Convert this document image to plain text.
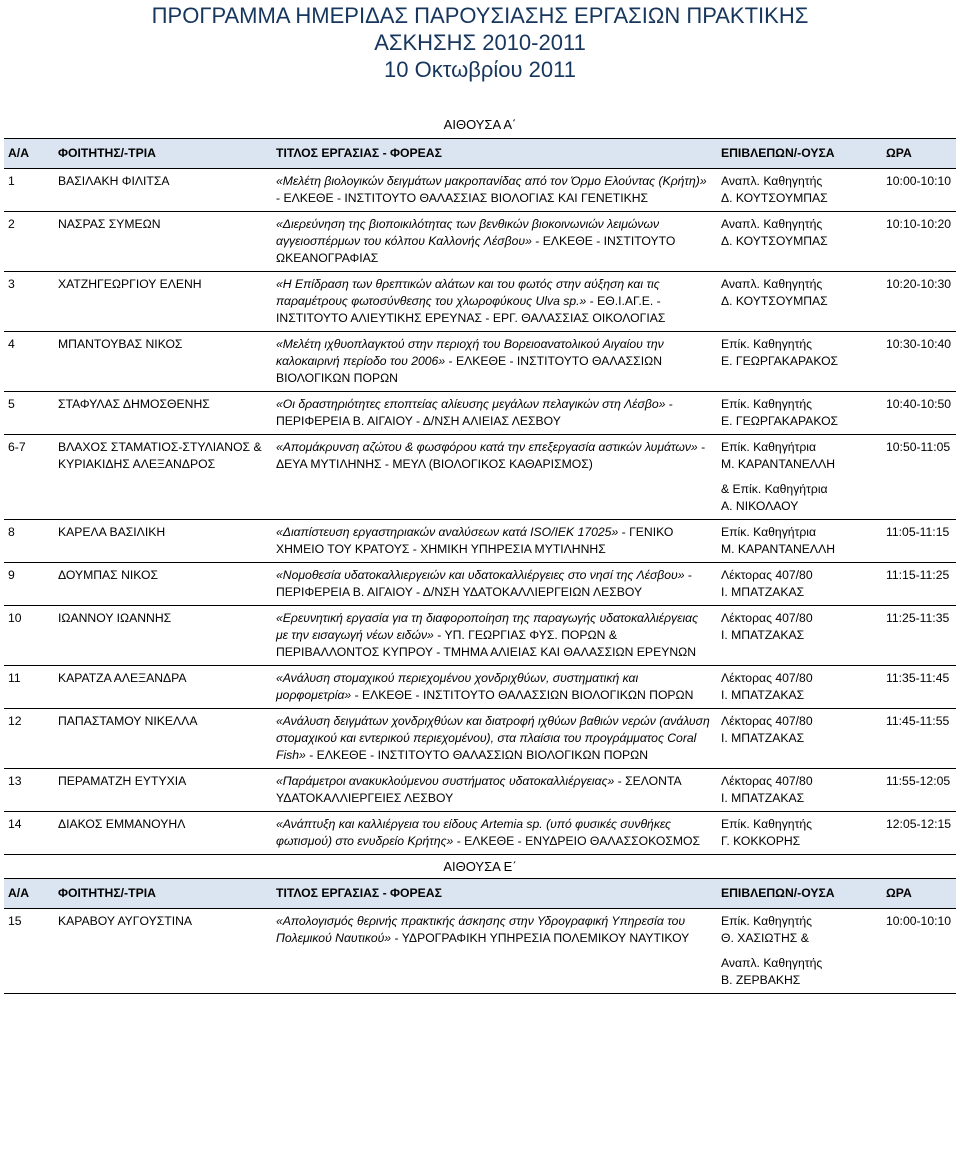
ΠΡΟΓΡΑΜΜΑ ΗΜΕΡΙΔΑΣ ΠΑΡΟΥΣΙΑΣΗΣ ΕΡΓΑΣΙΩΝ ΠΡΑΚΤΙΚΗΣ
ΑΣΚΗΣΗΣ 2010-2011
10 Οκτωβρίου 2011
ΑΙΘΟΥΣΑ Α΄
Α/Α	ΦΟΙΤΗΤΗΣ/-ΤΡΙΑ	ΤΙΤΛΟΣ ΕΡΓΑΣΙΑΣ - ΦΟΡΕΑΣ	ΕΠΙΒΛΕΠΩΝ/-ΟΥΣΑ	ΩΡΑ
1	ΒΑΣΙΛΑΚΗ ΦΙΛΙΤΣΑ	«Μελέτη βιολογικών δειγμάτων μακροπανίδας από τον Όρμο Ελούντας (Κρήτη)» - ΕΛΚΕΘΕ - ΙΝΣΤΙΤΟΥΤΟ ΘΑΛΑΣΣΙΑΣ ΒΙΟΛΟΓΙΑΣ ΚΑΙ ΓΕΝΕΤΙΚΗΣ	Αναπλ. Καθηγητής
Δ. ΚΟΥΤΣΟΥΜΠΑΣ	10:00-10:10
2	ΝΑΣΡΑΣ ΣΥΜΕΩΝ	«Διερεύνηση της βιοποικιλότητας των βενθικών βιοκοινωνιών λειμώνων αγγειοσπέρμων του κόλπου Καλλονής Λέσβου» - ΕΛΚΕΘΕ - ΙΝΣΤΙΤΟΥΤΟ ΩΚΕΑΝΟΓΡΑΦΙΑΣ	Αναπλ. Καθηγητής
Δ. ΚΟΥΤΣΟΥΜΠΑΣ	10:10-10:20
3	ΧΑΤΖΗΓΕΩΡΓΙΟΥ ΕΛΕΝΗ	«Η Επίδραση των θρεπτικών αλάτων και του φωτός στην αύξηση και τις παραμέτρους φωτοσύνθεσης του χλωροφύκους Ulva sp.» - ΕΘ.Ι.ΑΓ.Ε. - ΙΝΣΤΙΤΟΥΤΟ ΑΛΙΕΥΤΙΚΗΣ ΕΡΕΥΝΑΣ - ΕΡΓ. ΘΑΛΑΣΣΙΑΣ ΟΙΚΟΛΟΓΙΑΣ	Αναπλ. Καθηγητής
Δ. ΚΟΥΤΣΟΥΜΠΑΣ	10:20-10:30
4	ΜΠΑΝΤΟΥΒΑΣ ΝΙΚΟΣ	«Μελέτη ιχθυοπλαγκτού στην περιοχή του Βορειοανατολικού Αιγαίου την καλοκαιρινή περίοδο του 2006» - ΕΛΚΕΘΕ - ΙΝΣΤΙΤΟΥΤΟ ΘΑΛΑΣΣΙΩΝ ΒΙΟΛΟΓΙΚΩΝ ΠΟΡΩΝ	Επίκ. Καθηγητής
Ε. ΓΕΩΡΓΑΚΑΡΑΚΟΣ	10:30-10:40
5	ΣΤΑΦΥΛΑΣ ΔΗΜΟΣΘΕΝΗΣ	«Οι δραστηριότητες εποπτείας αλίευσης μεγάλων πελαγικών στη Λέσβο» - ΠΕΡΙΦΕΡΕΙΑ Β. ΑΙΓΑΙΟΥ - Δ/ΝΣΗ ΑΛΙΕΙΑΣ ΛΕΣΒΟΥ	Επίκ. Καθηγητής
Ε. ΓΕΩΡΓΑΚΑΡΑΚΟΣ	10:40-10:50
6-7	ΒΛΑΧΟΣ ΣΤΑΜΑΤΙΟΣ-ΣΤΥΛΙΑΝΟΣ & ΚΥΡΙΑΚΙΔΗΣ ΑΛΕΞΑΝΔΡΟΣ	«Απομάκρυνση αζώτου & φωσφόρου κατά την επεξεργασία αστικών λυμάτων» - ΔΕΥΑ ΜΥΤΙΛΗΝΗΣ - ΜΕΥΛ (ΒΙΟΛΟΓΙΚΟΣ ΚΑΘΑΡΙΣΜΟΣ)	Επίκ. Καθηγήτρια
Μ. ΚΑΡΑΝΤΑΝΕΛΛΗ
& Επίκ. Καθηγήτρια
Α. ΝΙΚΟΛΑΟΥ	10:50-11:05
8	ΚΑΡΕΛΑ ΒΑΣΙΛΙΚΗ	«Διαπίστευση εργαστηριακών αναλύσεων κατά ISO/IEK 17025» - ΓΕΝΙΚΟ ΧΗΜΕΙΟ ΤΟΥ ΚΡΑΤΟΥΣ - ΧΗΜΙΚΗ ΥΠΗΡΕΣΙΑ ΜΥΤΙΛΗΝΗΣ	Επίκ. Καθηγήτρια
Μ. ΚΑΡΑΝΤΑΝΕΛΛΗ	11:05-11:15
9	ΔΟΥΜΠΑΣ ΝΙΚΟΣ	«Νομοθεσία υδατοκαλλιεργειών και υδατοκαλλιέργειες στο νησί της Λέσβου» - ΠΕΡΙΦΕΡΕΙΑ Β. ΑΙΓΑΙΟΥ - Δ/ΝΣΗ ΥΔΑΤΟΚΑΛΛΙΕΡΓΕΙΩΝ ΛΕΣΒΟΥ	Λέκτορας 407/80
Ι. ΜΠΑΤΖΑΚΑΣ	11:15-11:25
10	ΙΩΑΝΝΟΥ ΙΩΑΝΝΗΣ	«Ερευνητική εργασία για τη διαφοροποίηση της παραγωγής υδατοκαλλιέργειας με την εισαγωγή νέων ειδών» - ΥΠ. ΓΕΩΡΓΙΑΣ ΦΥΣ. ΠΟΡΩΝ & ΠΕΡΙΒΑΛΛΟΝΤΟΣ ΚΥΠΡΟΥ - ΤΜΗΜΑ ΑΛΙΕΙΑΣ ΚΑΙ ΘΑΛΑΣΣΙΩΝ ΕΡΕΥΝΩΝ	Λέκτορας 407/80
Ι. ΜΠΑΤΖΑΚΑΣ	11:25-11:35
11	ΚΑΡΑΤΖΑ ΑΛΕΞΑΝΔΡΑ	«Ανάλυση στομαχικού περιεχομένου χονδριχθύων, συστηματική και μορφομετρία» - ΕΛΚΕΘΕ - ΙΝΣΤΙΤΟΥΤΟ ΘΑΛΑΣΣΙΩΝ ΒΙΟΛΟΓΙΚΩΝ ΠΟΡΩΝ	Λέκτορας 407/80
Ι. ΜΠΑΤΖΑΚΑΣ	11:35-11:45
12	ΠΑΠΑΣΤΑΜΟΥ ΝΙΚΕΛΛΑ	«Ανάλυση δειγμάτων χονδριχθύων και διατροφή ιχθύων βαθιών νερών (ανάλυση στομαχικού και εντερικού περιεχομένου), στα πλαίσια του προγράμματος Coral Fish» - ΕΛΚΕΘΕ - ΙΝΣΤΙΤΟΥΤΟ ΘΑΛΑΣΣΙΩΝ ΒΙΟΛΟΓΙΚΩΝ ΠΟΡΩΝ	Λέκτορας 407/80
Ι. ΜΠΑΤΖΑΚΑΣ	11:45-11:55
13	ΠΕΡΑΜΑΤΖΗ ΕΥΤΥΧΙΑ	«Παράμετροι ανακυκλούμενου συστήματος υδατοκαλλιέργειας» - ΣΕΛΟΝΤΑ ΥΔΑΤΟΚΑΛΛΙΕΡΓΕΙΕΣ ΛΕΣΒΟΥ	Λέκτορας 407/80
Ι. ΜΠΑΤΖΑΚΑΣ	11:55-12:05
14	ΔΙΑΚΟΣ ΕΜΜΑΝΟΥΗΛ	«Ανάπτυξη και καλλιέργεια του είδους Artemia sp. (υπό φυσικές συνθήκες φωτισμού) στο ενυδρείο Κρήτης» - ΕΛΚΕΘΕ - ΕΝΥΔΡΕΙΟ ΘΑΛΑΣΣΟΚΟΣΜΟΣ	Επίκ. Καθηγητής
Γ. ΚΟΚΚΟΡΗΣ	12:05-12:15
ΑΙΘΟΥΣΑ Ε΄
Α/Α	ΦΟΙΤΗΤΗΣ/-ΤΡΙΑ	ΤΙΤΛΟΣ ΕΡΓΑΣΙΑΣ - ΦΟΡΕΑΣ	ΕΠΙΒΛΕΠΩΝ/-ΟΥΣΑ	ΩΡΑ
15	ΚΑΡΑΒΟΥ ΑΥΓΟΥΣΤΙΝΑ	«Απολογισμός θερινής πρακτικής άσκησης στην Υδρογραφική Υπηρεσία του Πολεμικού Ναυτικού» - ΥΔΡΟΓΡΑΦΙΚΗ ΥΠΗΡΕΣΙΑ ΠΟΛΕΜΙΚΟΥ ΝΑΥΤΙΚΟΥ	Επίκ. Καθηγητής
Θ. ΧΑΣΙΩΤΗΣ &
Αναπλ. Καθηγητής
Β. ΖΕΡΒΑΚΗΣ	10:00-10:10
